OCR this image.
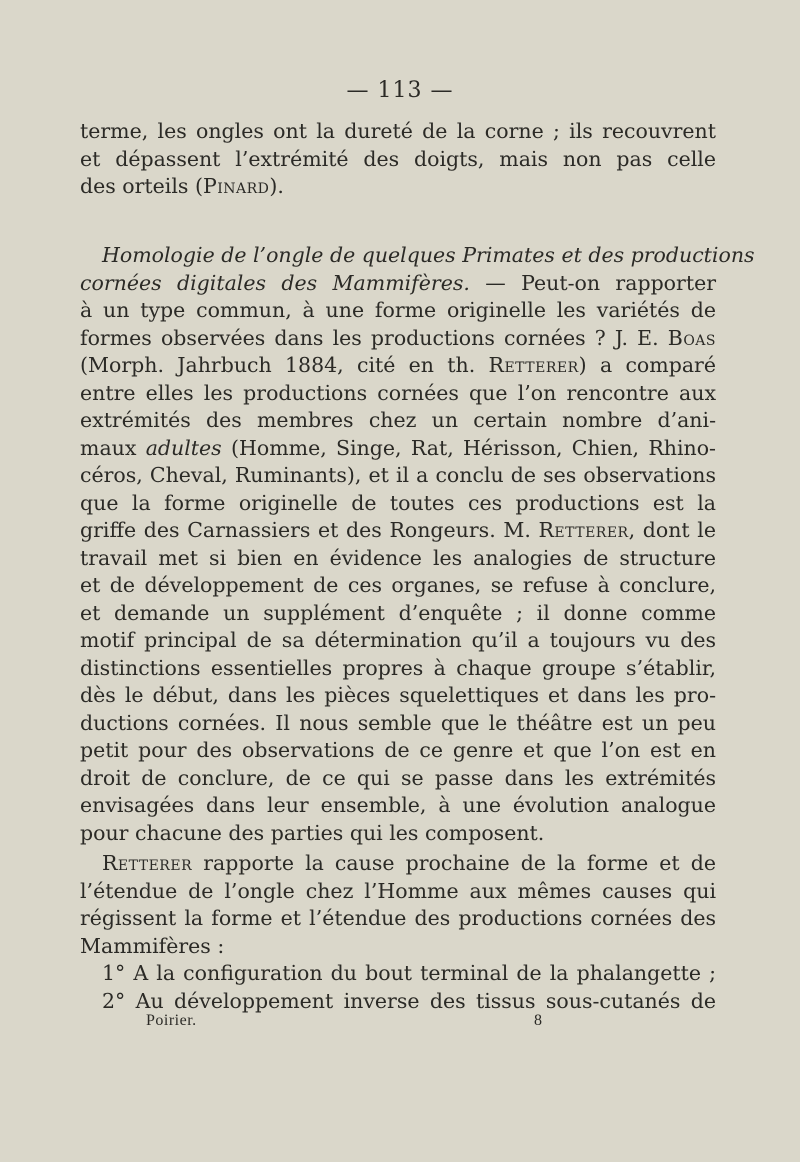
— 113 —
terme, les ongles ont la dureté de la corne ; ils recouvrent
et dépassent l’extrémité des doigts, mais non pas celle
des orteils (Pinard).
Homologie de l’ongle de quelques Primates et des productions
cornées digitales des Mammifères. — Peut-on rapporter
à un type commun, à une forme originelle les variétés de
formes observées dans les productions cornées ? J. E. Boas
(Morph. Jahrbuch 1884, cité en th. Retterer) a comparé
entre elles les productions cornées que l’on rencontre aux
extrémités des membres chez un certain nombre d’ani-
maux adultes (Homme, Singe, Rat, Hérisson, Chien, Rhino-
céros, Cheval, Ruminants), et il a conclu de ses observations
que la forme originelle de toutes ces productions est la
griffe des Carnassiers et des Rongeurs. M. Retterer, dont le
travail met si bien en évidence les analogies de structure
et de développement de ces organes, se refuse à conclure,
et demande un supplément d’enquête ; il donne comme
motif principal de sa détermination qu’il a toujours vu des
distinctions essentielles propres à chaque groupe s’établir,
dès le début, dans les pièces squelettiques et dans les pro-
ductions cornées. Il nous semble que le théâtre est un peu
petit pour des observations de ce genre et que l’on est en
droit de conclure, de ce qui se passe dans les extrémités
envisagées dans leur ensemble, à une évolution analogue
pour chacune des parties qui les composent.
Retterer rapporte la cause prochaine de la forme et de
l’étendue de l’ongle chez l’Homme aux mêmes causes qui
régissent la forme et l’étendue des productions cornées des
Mammifères :
1° A la configuration du bout terminal de la phalangette ;
2° Au développement inverse des tissus sous-cutanés de
Poirier.	8
